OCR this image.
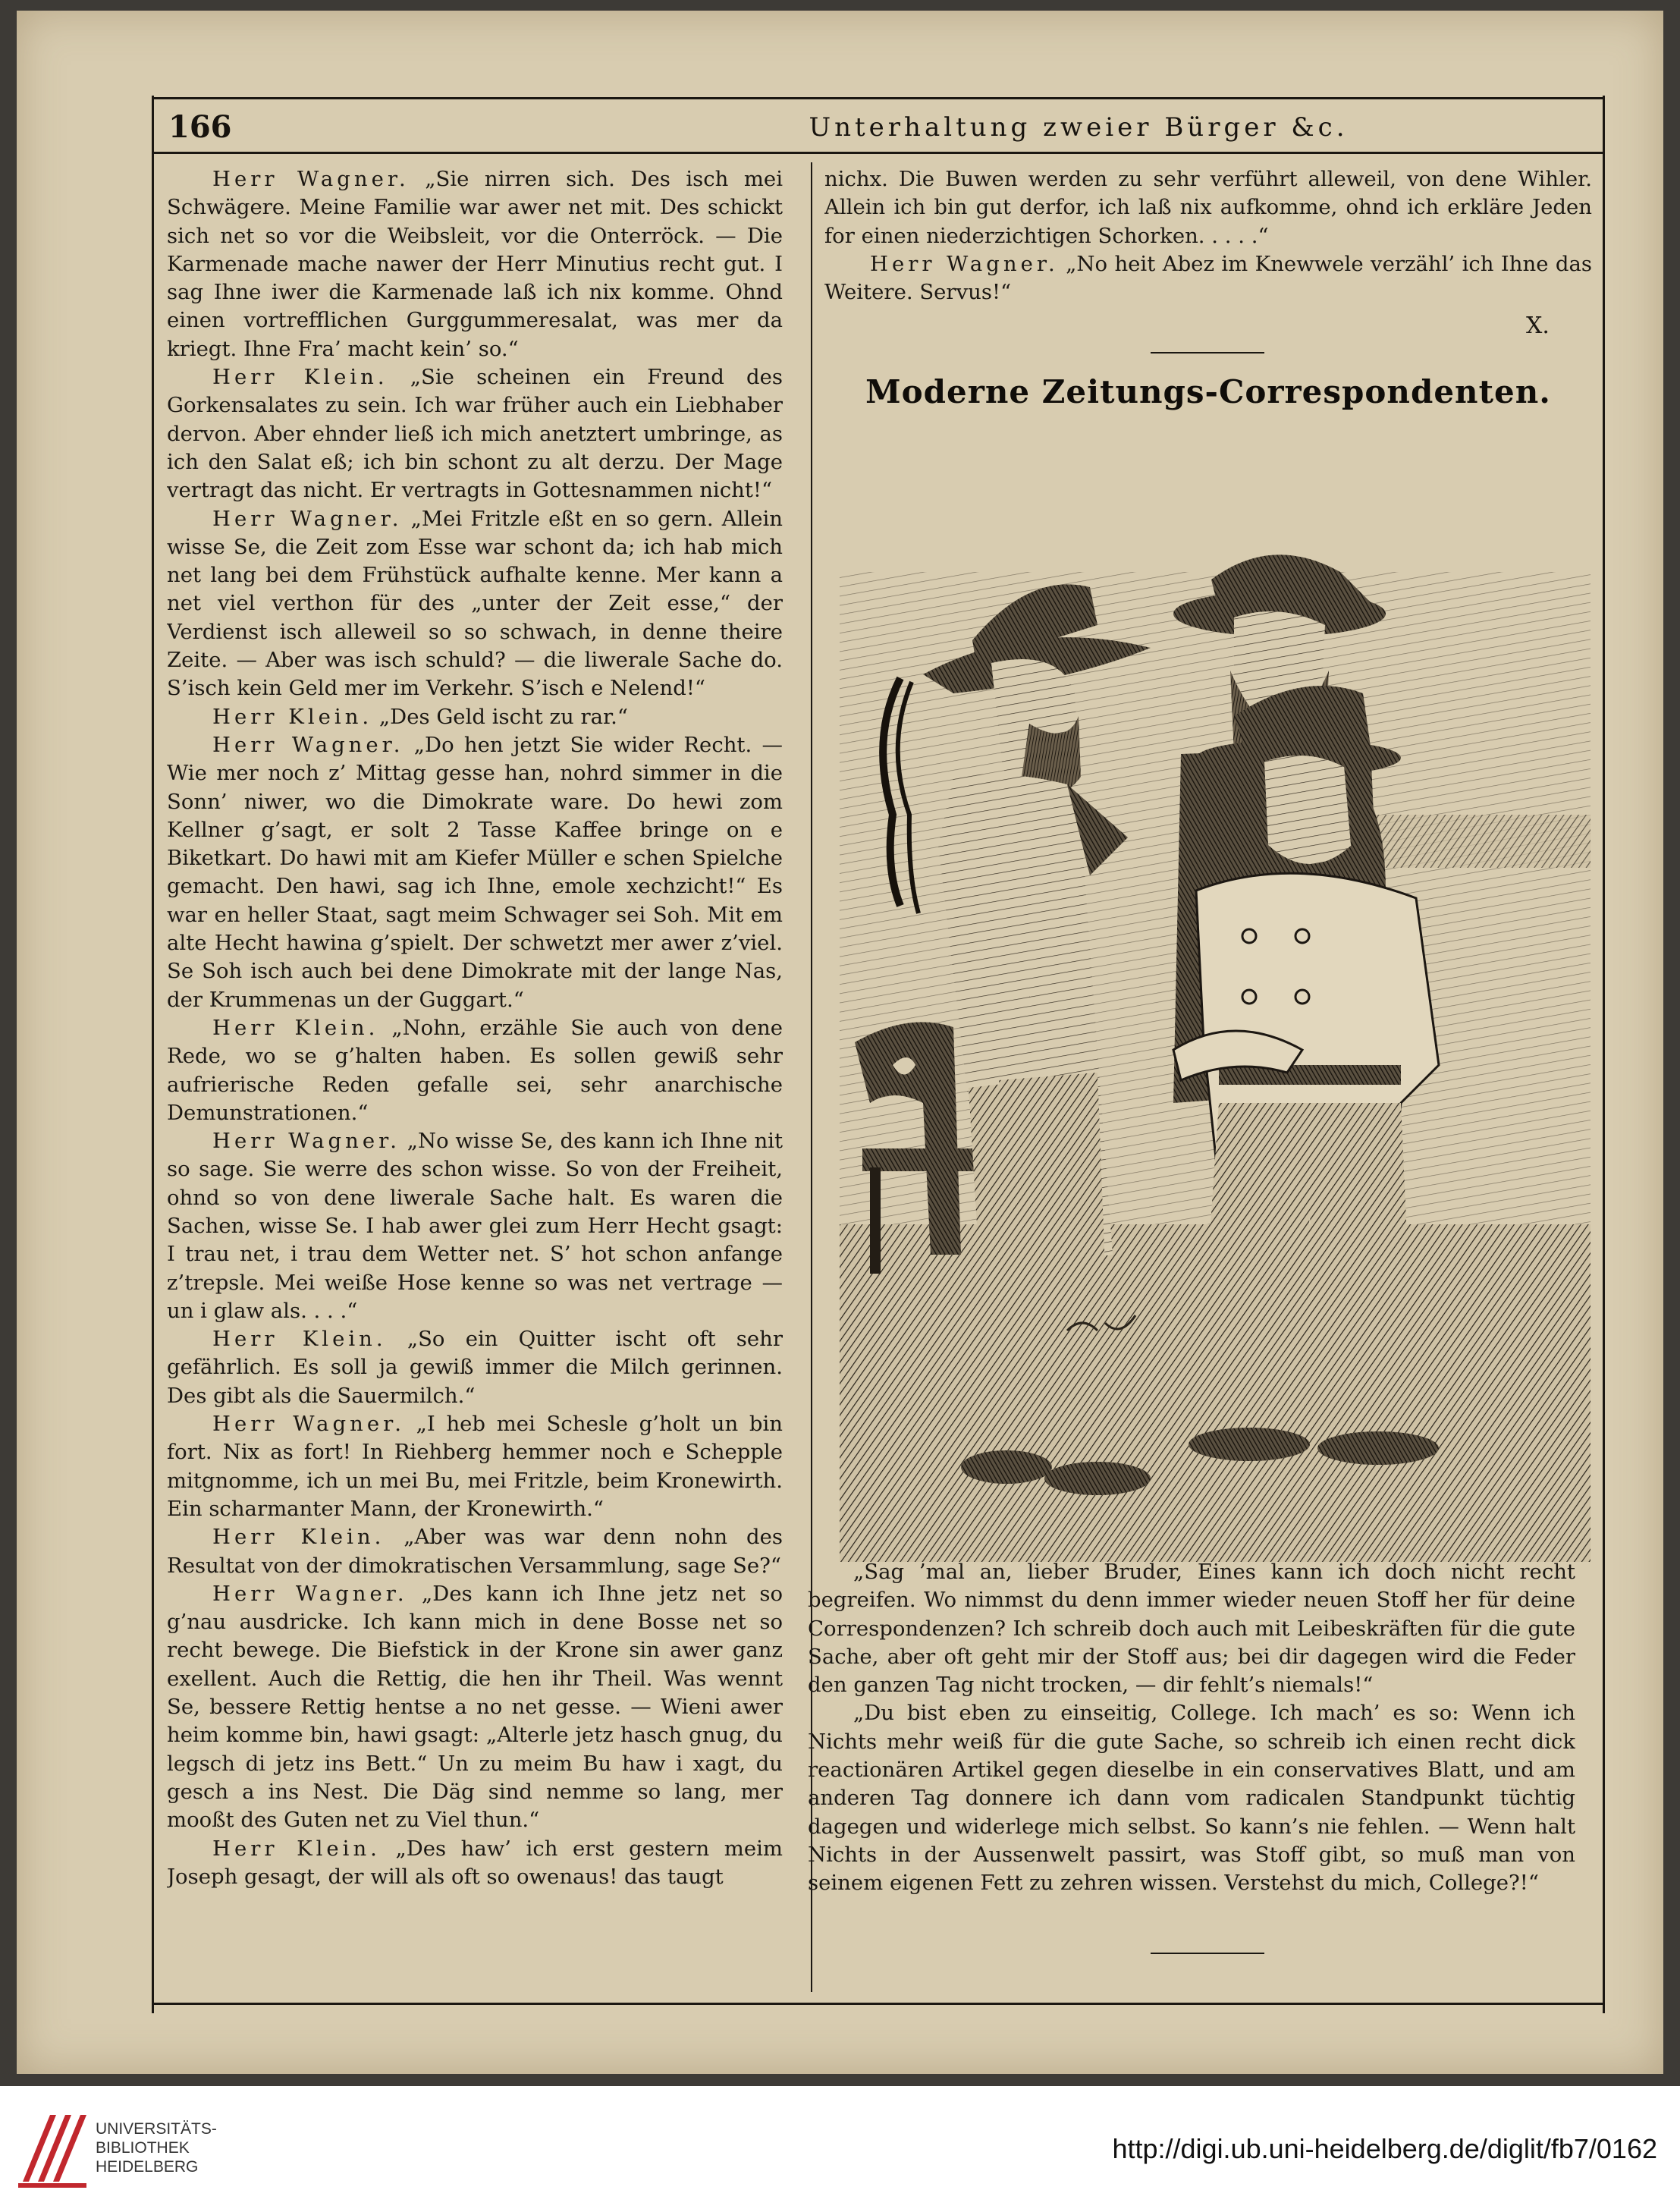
166	Unterhaltung zweier Bürger &c.

Herr Wagner. „Sie nirren sich. Des isch mei Schwägere. Meine Familie war awer net mit. Des schickt sich net so vor die Weibsleit, vor die Onterröck. — Die Karmenade mache nawer der Herr Minutius recht gut. I sag Ihne iwer die Karmenade laß ich nix komme. Ohnd einen vortrefflichen Gurggummeresalat, was mer da kriegt. Ihne Fra’ macht kein’ so.“

Herr Klein. „Sie scheinen ein Freund des Gorkensalates zu sein. Ich war früher auch ein Liebhaber dervon. Aber ehnder ließ ich mich anetztert umbringe, as ich den Salat eß; ich bin schont zu alt derzu. Der Mage vertragt das nicht. Er vertragts in Gottesnammen nicht!“

Herr Wagner. „Mei Fritzle eßt en so gern. Allein wisse Se, die Zeit zom Esse war schont da; ich hab mich net lang bei dem Frühstück aufhalte kenne. Mer kann a net viel verthon für des „unter der Zeit esse,“ der Verdienst isch alleweil so so schwach, in denne theire Zeite. — Aber was isch schuld? — die liwerale Sache do. S’isch kein Geld mer im Verkehr. S’isch e Nelend!“

Herr Klein. „Des Geld ischt zu rar.“

Herr Wagner. „Do hen jetzt Sie wider Recht. — Wie mer noch z’ Mittag gesse han, nohrd simmer in die Sonn’ niwer, wo die Dimokrate ware. Do hewi zom Kellner g’sagt, er solt 2 Tasse Kaffee bringe on e Biketkart. Do hawi mit am Kiefer Müller e schen Spielche gemacht. Den hawi, sag ich Ihne, emole xechzicht!“ Es war en heller Staat, sagt meim Schwager sei Soh. Mit em alte Hecht hawina g’spielt. Der schwetzt mer awer z’viel. Se Soh isch auch bei dene Dimokrate mit der lange Nas, der Krummenas un der Guggart.“

Herr Klein. „Nohn, erzähle Sie auch von dene Rede, wo se g’halten haben. Es sollen gewiß sehr aufrierische Reden gefalle sei, sehr anarchische Demunstrationen.“

Herr Wagner. „No wisse Se, des kann ich Ihne nit so sage. Sie werre des schon wisse. So von der Freiheit, ohnd so von dene liwerale Sache halt. Es waren die Sachen, wisse Se. I hab awer glei zum Herr Hecht gsagt: I trau net, i trau dem Wetter net. S’ hot schon anfange z’trepsle. Mei weiße Hose kenne so was net vertrage — un i glaw als. . . .“

Herr Klein. „So ein Quitter ischt oft sehr gefährlich. Es soll ja gewiß immer die Milch gerinnen. Des gibt als die Sauermilch.“

Herr Wagner. „I heb mei Schesle g’holt un bin fort. Nix as fort! In Riehberg hemmer noch e Schepple mitgnomme, ich un mei Bu, mei Fritzle, beim Kronewirth. Ein scharmanter Mann, der Kronewirth.“

Herr Klein. „Aber was war denn nohn des Resultat von der dimokratischen Versammlung, sage Se?“

Herr Wagner. „Des kann ich Ihne jetz net so g’nau ausdricke. Ich kann mich in dene Bosse net so recht bewege. Die Biefstick in der Krone sin awer ganz exellent. Auch die Rettig, die hen ihr Theil. Was wennt Se, bessere Rettig hentse a no net gesse. — Wieni awer heim komme bin, hawi gsagt: „Alterle jetz hasch gnug, du legsch di jetz ins Bett.“ Un zu meim Bu haw i xagt, du gesch a ins Nest. Die Däg sind nemme so lang, mer mooßt des Guten net zu Viel thun.“

Herr Klein. „Des haw’ ich erst gestern meim Joseph gesagt, der will als oft so owenaus! das taugt

nichx. Die Buwen werden zu sehr verführt alleweil, von dene Wihler. Allein ich bin gut derfor, ich laß nix aufkomme, ohnd ich erkläre Jeden for einen niederzichtigen Schorken. . . . .“

Herr Wagner. „No heit Abez im Knewwele verzähl’ ich Ihne das Weitere. Servus!“

X.

Moderne Zeitungs-Correspondenten.

„Sag ’mal an, lieber Bruder, Eines kann ich doch nicht recht begreifen. Wo nimmst du denn immer wieder neuen Stoff her für deine Correspondenzen? Ich schreib doch auch mit Leibeskräften für die gute Sache, aber oft geht mir der Stoff aus; bei dir dagegen wird die Feder den ganzen Tag nicht trocken, — dir fehlt’s niemals!“

„Du bist eben zu einseitig, College. Ich mach’ es so: Wenn ich Nichts mehr weiß für die gute Sache, so schreib ich einen recht dick reactionären Artikel gegen dieselbe in ein conservatives Blatt, und am anderen Tag donnere ich dann vom radicalen Standpunkt tüchtig dagegen und widerlege mich selbst. So kann’s nie fehlen. — Wenn halt Nichts in der Aussenwelt passirt, was Stoff gibt, so muß man von seinem eigenen Fett zu zehren wissen. Verstehst du mich, College?!“

UNIVERSITÄTS-
BIBLIOTHEK
HEIDELBERG

http://digi.ub.uni-heidelberg.de/diglit/fb7/0162
